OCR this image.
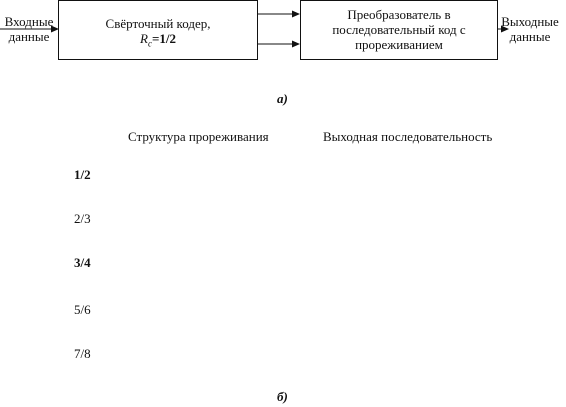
Входные
данные
Свёрточный кодер,
$R_c=1/2$
Преобразователь в
последовательный код с
прореживанием
Выходные
данные
а)
Структура прореживания	Выходная последовательность
1/2
2/3
3/4
5/6
7/8
б)
